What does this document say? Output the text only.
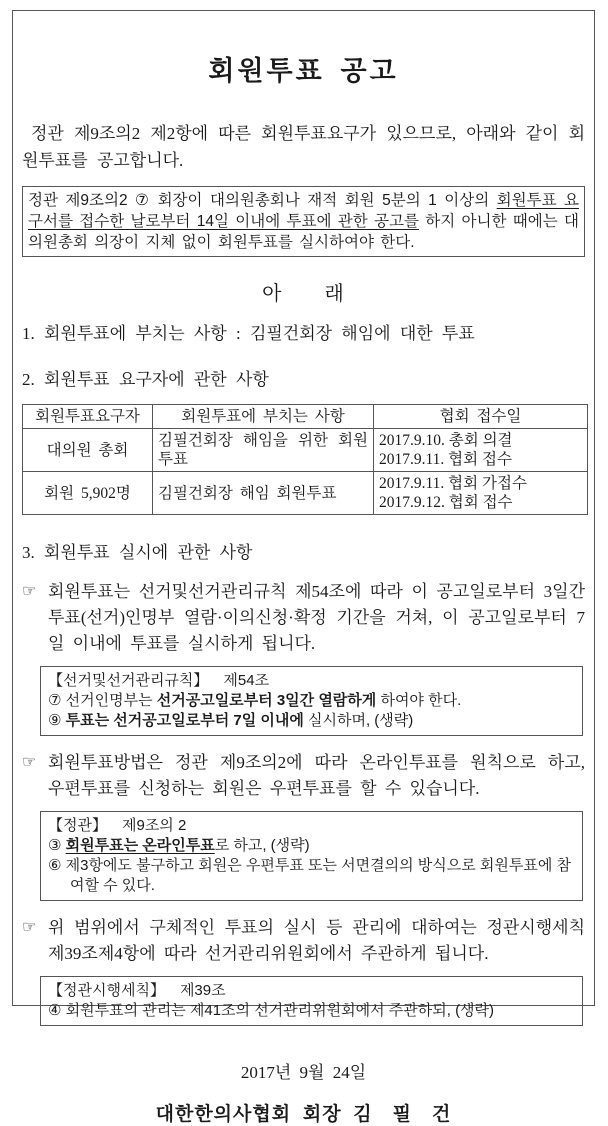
회원투표 공고

정관 제9조의2 제2항에 따른 회원투표요구가 있으므로, 아래와 같이 회원투표를 공고합니다.

정관 제9조의2 ⑦ 회장이 대의원총회나 재적 회원 5분의 1 이상의 회원투표 요구서를 접수한 날로부터 14일 이내에 투표에 관한 공고를 하지 아니한 때에는 대의원총회 의장이 지체 없이 회원투표를 실시하여야 한다.
아  래

1. 회원투표에 부치는 사항 : 김필건회장 해임에 대한 투표

2. 회원투표 요구자에 관한 사항

회원투표요구자	회원투표에 부치는 사항	협회 접수일
대의원 총회	김필건회장 해임을 위한 회원투표	2017.9.10. 총회 의결
2017.9.11. 협회 접수

회원 5,902명	김필건회장 해임 회원투표	2017.9.11. 협회 가접수
2017.9.12. 협회 접수

3. 회원투표 실시에 관한 사항

☞ 회원투표는 선거및선거관리규칙 제54조에 따라 이 공고일로부터 3일간 투표(선거)인명부 열람·이의신청·확정 기간을 거쳐, 이 공고일로부터 7일 이내에 투표를 실시하게 됩니다.
【선거및선거관리규칙】 제54조
⑦ 선거인명부는 선거공고일로부터 3일간 열람하게 하여야 한다.
⑨ 투표는 선거공고일로부터 7일 이내에 실시하며, (생략)
☞ 회원투표방법은 정관 제9조의2에 따라 온라인투표를 원칙으로 하고, 우편투표를 신청하는 회원은 우편투표를 할 수 있습니다.
【정관】 제9조의 2
③ 회원투표는 온라인투표로 하고, (생략)
⑥ 제3항에도 불구하고 회원은 우편투표 또는 서면결의의 방식으로 회원투표에 참여할 수 있다.
☞ 위 범위에서 구체적인 투표의 실시 등 관리에 대하여는 정관시행세칙 제39조제4항에 따라 선거관리위원회에서 주관하게 됩니다.
【정관시행세칙】 제39조
④ 회원투표의 관리는 제41조의 선거관리위원회에서 주관하되, (생략)
2017년 9월 24일
대한한의사협회 회장 김 필 건
